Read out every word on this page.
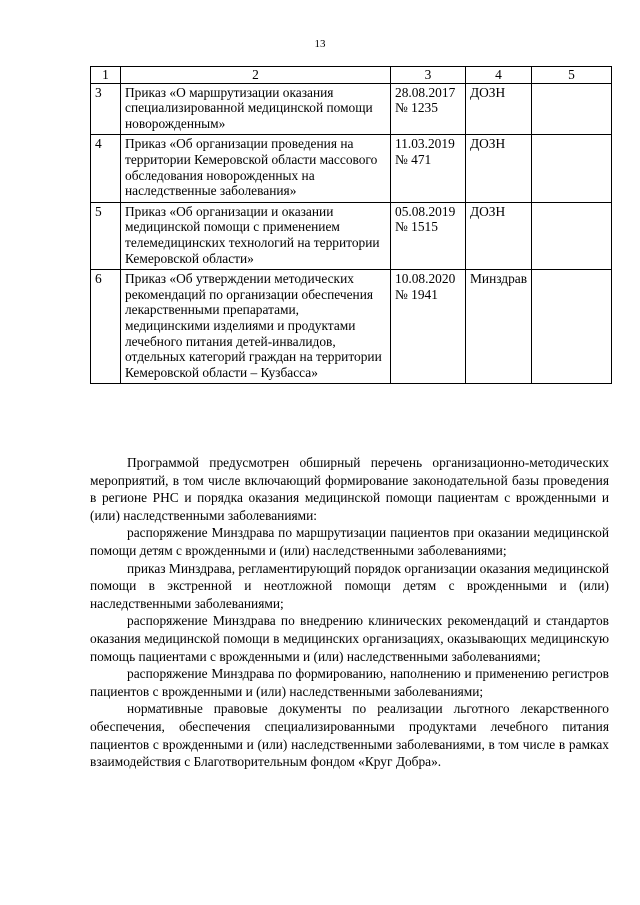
13
1	2	3	4	5
3	Приказ «О маршрутизации оказания специализированной медицинской помощи новорожденным»	28.08.2017 № 1235	ДОЗН	
4	Приказ «Об организации проведения на территории Кемеровской области массового обследования новорожденных на наследственные заболевания»	11.03.2019 № 471	ДОЗН	
5	Приказ «Об организации и оказании медицинской помощи с применением телемедицинских технологий на территории Кемеровской области»	05.08.2019 № 1515	ДОЗН	
6	Приказ «Об утверждении методических рекомендаций по организации обеспечения лекарственными препаратами, медицинскими изделиями и продуктами лечебного питания детей-инвалидов, отдельных категорий граждан на территории Кемеровской области – Кузбасса»	10.08.2020 № 1941	Минздрав	

Программой предусмотрен обширный перечень организационно-методических мероприятий, в том числе включающий формирование законодательной базы проведения в регионе РНС и порядка оказания медицинской помощи пациентам с врожденными и (или) наследственными заболеваниями:

распоряжение Минздрава по маршрутизации пациентов при оказании медицинской помощи детям с врожденными и (или) наследственными заболеваниями;

приказ Минздрава, регламентирующий порядок организации оказания медицинской помощи в экстренной и неотложной помощи детям с врожденными и (или) наследственными заболеваниями;

распоряжение Минздрава по внедрению клинических рекомендаций и стандартов оказания медицинской помощи в медицинских организациях, оказывающих медицинскую помощь пациентами с врожденными и (или) наследственными заболеваниями;

распоряжение Минздрава по формированию, наполнению и применению регистров пациентов с врожденными и (или) наследственными заболеваниями;

нормативные правовые документы по реализации льготного лекарственного обеспечения, обеспечения специализированными продуктами лечебного питания пациентов с врожденными и (или) наследственными заболеваниями, в том числе в рамках взаимодействия с Благотворительным фондом «Круг Добра».
